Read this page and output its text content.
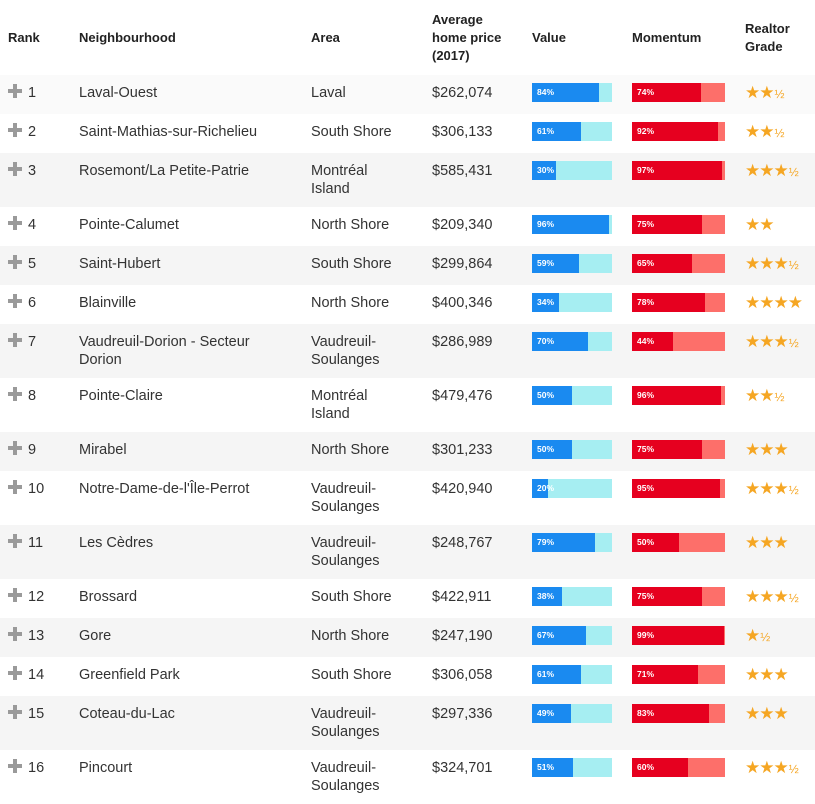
Rank	Neighbourhood	Area	Average home price (2017)	Value	Momentum	Realtor Grade
1	Laval-Ouest	Laval	$262,074	84%	74%	★★½
2	Saint-Mathias-sur-Richelieu	South Shore	$306,133	61%	92%	★★½
3	Rosemont/La Petite-Patrie	Montréal Island	$585,431	30%	97%	★★★½
4	Pointe-Calumet	North Shore	$209,340	96%	75%	★★
5	Saint-Hubert	South Shore	$299,864	59%	65%	★★★½
6	Blainville	North Shore	$400,346	34%	78%	★★★★
7	Vaudreuil-Dorion - Secteur Dorion	Vaudreuil-Soulanges	$286,989	70%	44%	★★★½
8	Pointe-Claire	Montréal Island	$479,476	50%	96%	★★½
9	Mirabel	North Shore	$301,233	50%	75%	★★★
10	Notre-Dame-de-l'Île-Perrot	Vaudreuil-Soulanges	$420,940	20%	95%	★★★½
11	Les Cèdres	Vaudreuil-Soulanges	$248,767	79%	50%	★★★
12	Brossard	South Shore	$422,911	38%	75%	★★★½
13	Gore	North Shore	$247,190	67%	99%	★½
14	Greenfield Park	South Shore	$306,058	61%	71%	★★★
15	Coteau-du-Lac	Vaudreuil-Soulanges	$297,336	49%	83%	★★★
16	Pincourt	Vaudreuil-Soulanges	$324,701	51%	60%	★★★½
